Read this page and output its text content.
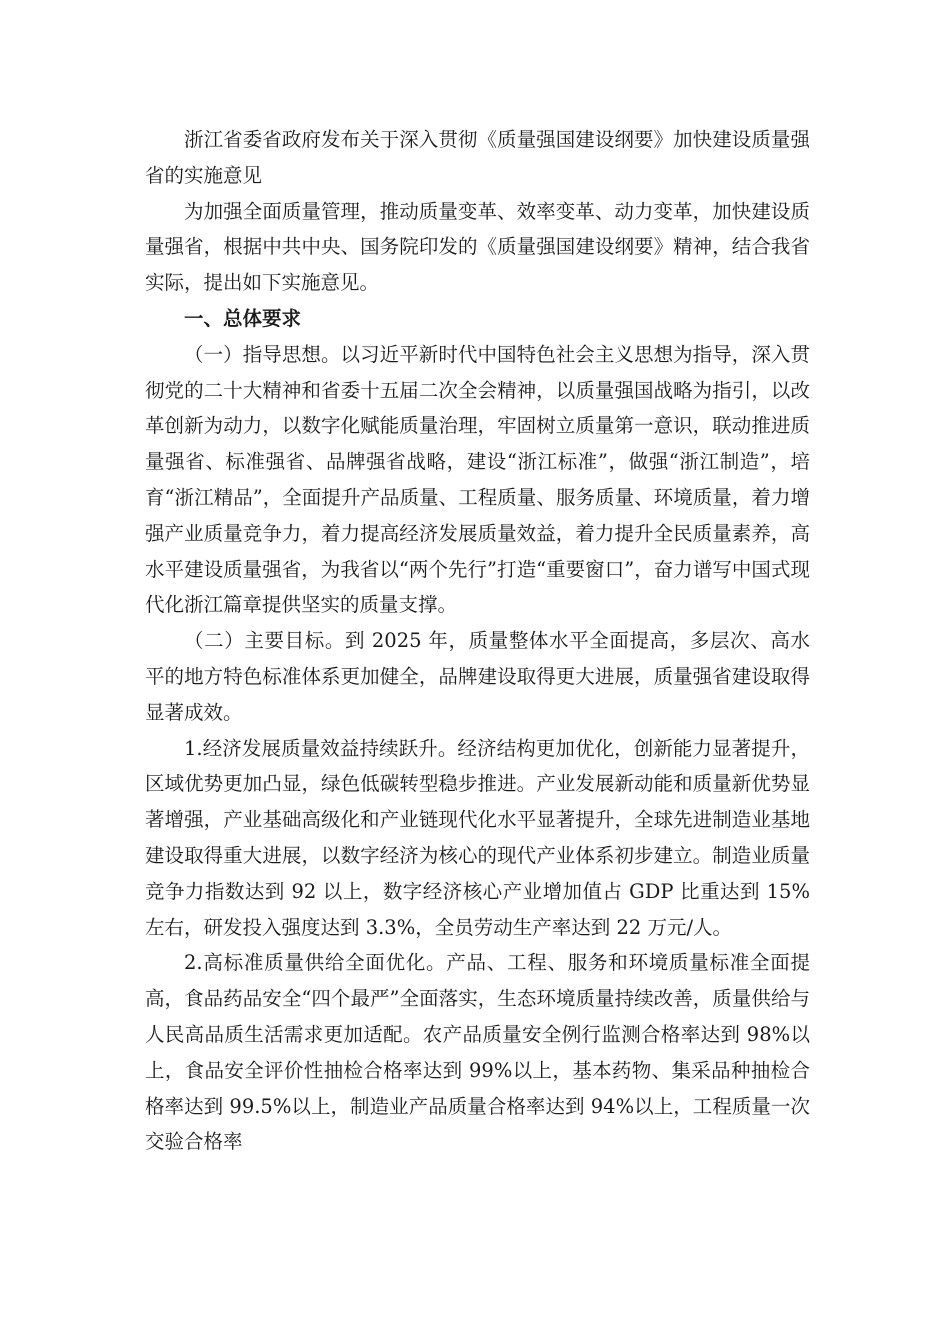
浙江省委省政府发布关于深入贯彻《质量强国建设纲要》加快建设质量强省的实施意见

为加强全面质量管理，推动质量变革、效率变革、动力变革，加快建设质量强省，根据中共中央、国务院印发的《质量强国建设纲要》精神，结合我省实际，提出如下实施意见。

一、总体要求

（一）指导思想。以习近平新时代中国特色社会主义思想为指导，深入贯彻党的二十大精神和省委十五届二次全会精神，以质量强国战略为指引，以改革创新为动力，以数字化赋能质量治理，牢固树立质量第一意识，联动推进质量强省、标准强省、品牌强省战略，建设“浙江标准”，做强“浙江制造”，培育“浙江精品”，全面提升产品质量、工程质量、服务质量、环境质量，着力增强产业质量竞争力，着力提高经济发展质量效益，着力提升全民质量素养，高水平建设质量强省，为我省以“两个先行”打造“重要窗口”，奋力谱写中国式现代化浙江篇章提供坚实的质量支撑。

（二）主要目标。到 2025 年，质量整体水平全面提高，多层次、高水平的地方特色标准体系更加健全，品牌建设取得更大进展，质量强省建设取得显著成效。

1.经济发展质量效益持续跃升。经济结构更加优化，创新能力显著提升，区域优势更加凸显，绿色低碳转型稳步推进。产业发展新动能和质量新优势显著增强，产业基础高级化和产业链现代化水平显著提升，全球先进制造业基地建设取得重大进展，以数字经济为核心的现代产业体系初步建立。制造业质量竞争力指数达到 92 以上，数字经济核心产业增加值占 GDP 比重达到 15%左右，研发投入强度达到 3.3%，全员劳动生产率达到 22 万元/人。

2.高标准质量供给全面优化。产品、工程、服务和环境质量标准全面提高，食品药品安全“四个最严”全面落实，生态环境质量持续改善，质量供给与人民高品质生活需求更加适配。农产品质量安全例行监测合格率达到 98%以上，食品安全评价性抽检合格率达到 99%以上，基本药物、集采品种抽检合格率达到 99.5%以上，制造业产品质量合格率达到 94%以上，工程质量一次交验合格率
